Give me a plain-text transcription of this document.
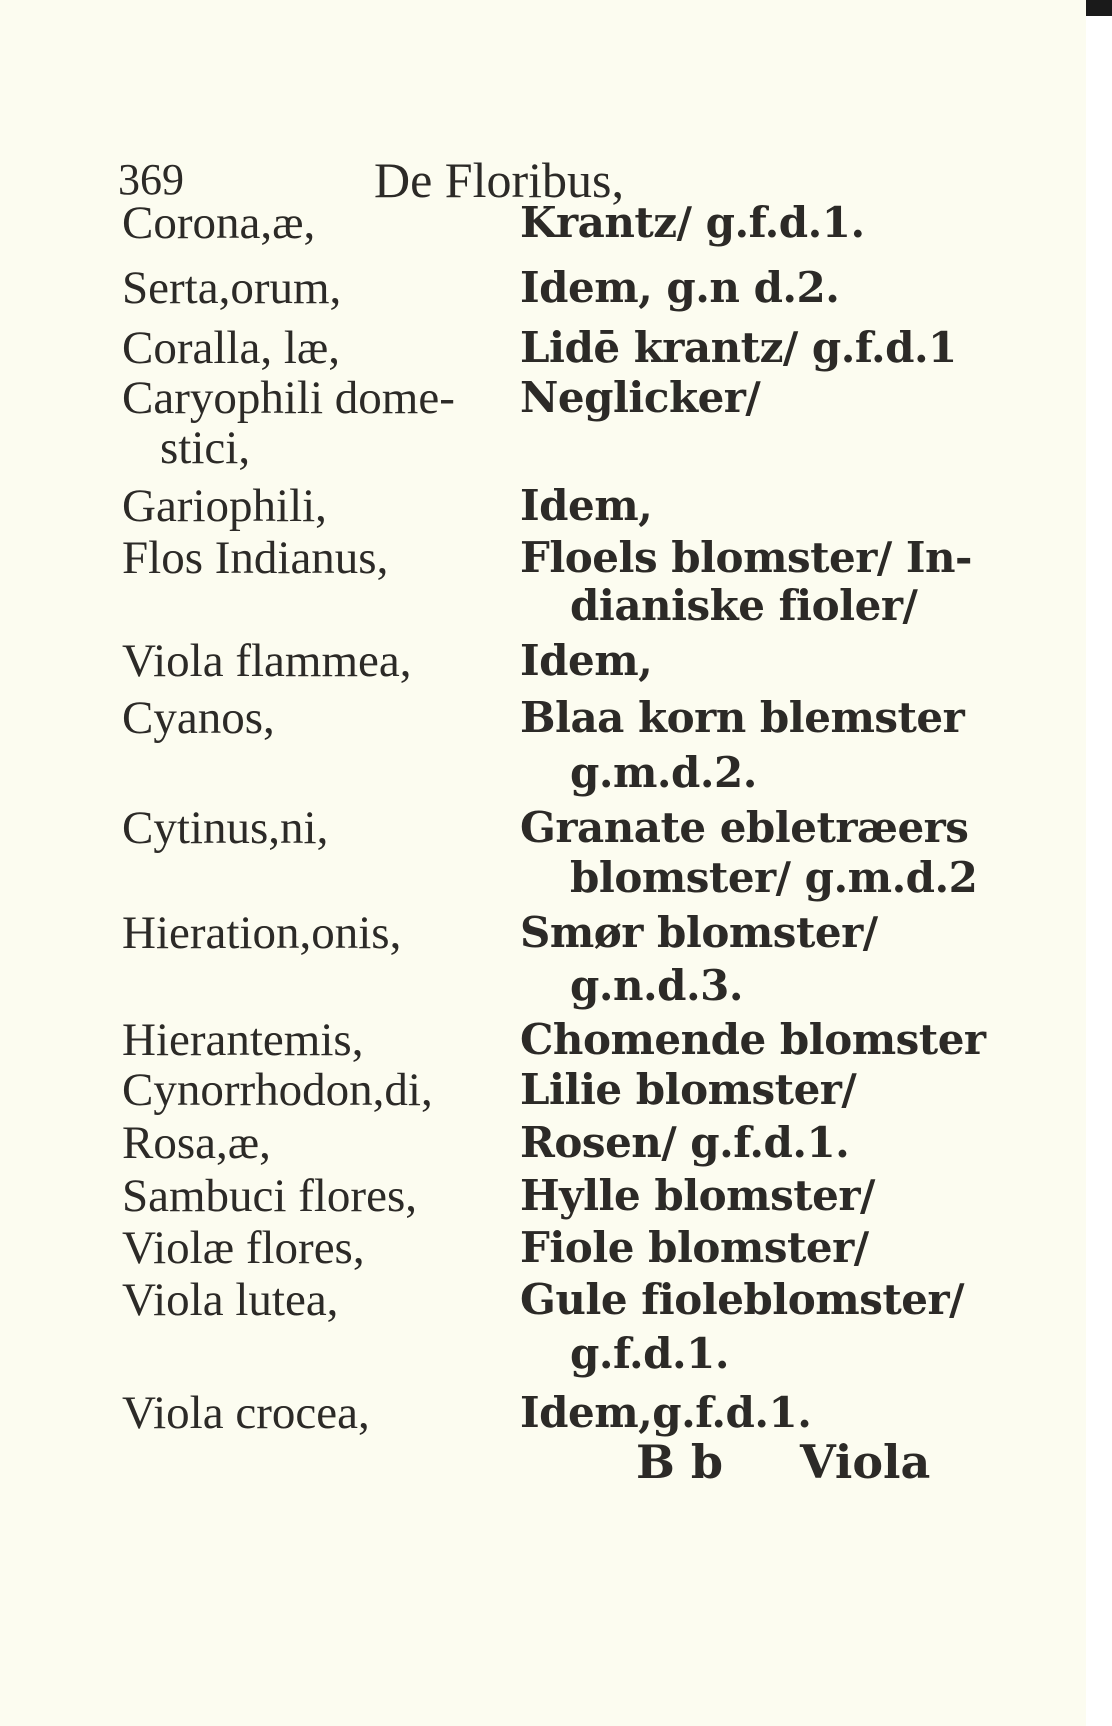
369	De Floribus,
Corona,æ,	Krantz/ g.f.d.1.
Serta,orum,	Idem, g.n d.2.
Coralla, læ,	Lidē krantz/ g.f.d.1
Caryophili dome- Neglicker/
stici,
Gariophili,	Idem,
Flos Indianus,	Floels blomster/ In-
dianiske fioler/
Viola flammea,	Idem,
Cyanos,	Blaa korn blemster
g.m.d.2.
Cytinus,ni,	Granate ebletræers
blomster/ g.m.d.2
Hieration,onis,	Smør blomster/
g.n.d.3.
Hierantemis,	Chomende blomster
Cynorrhodon,di, Lilie blomster/
Rosa,æ,	Rosen/ g.f.d.1.
Sambuci flores, Hylle blomster/
Violæ flores,	Fiole blomster/
Viola lutea,	Gule fioleblomster/
g.f.d.1.
Viola crocea,	Idem,g.f.d.1.
B b Viola
